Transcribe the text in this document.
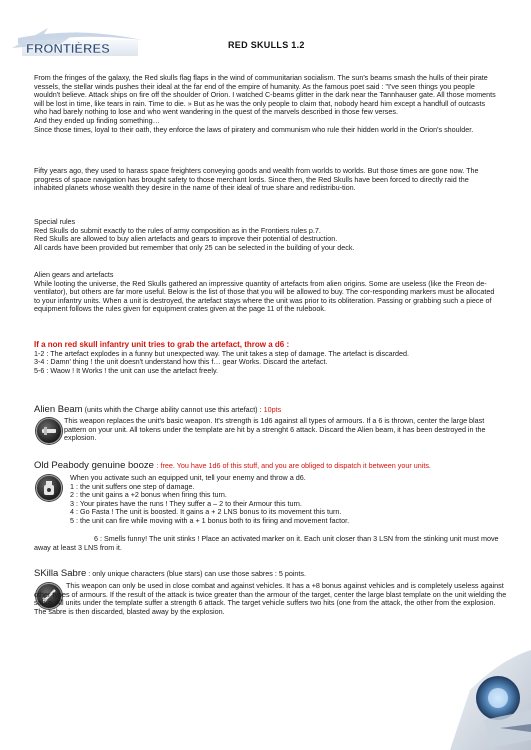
FRONTIÈRES	RED SKULLS 1.2

From the fringes of the galaxy, the Red skulls flag flaps in the wind of communitarian socialism. The sun's beams smash the hulls of their pirate vessels, the stellar winds pushes their ideal at the far end of the empire of humanity. As the famous poet said : "I've seen things you people wouldn't believe. Attack ships on fire off the shoulder of Orion. I watched C-beams glitter in the dark near the Tannhauser gate. All those moments will be lost in time, like tears in rain. Time to die. » But as he was the only people to claim that, nobody heard him except a handfull of outcasts who had barely nothing to lose and who went wandering in the quest of the marvels described in those few verses.

And they ended up finding something…

Since those times, loyal to their oath, they enforce the laws of piratery and communism who rule their hidden world in the Orion's shoulder.

Fifty years ago, they used to harass space freighters conveying goods and wealth from worlds to worlds. But those times are gone now. The progress of space navigation has brought safety to those merchant lords. Since then, the Red Skulls have been forced to directly raid the inhabited planets whose wealth they desire in the name of their ideal of true share and redistribu-tion.

Special rules

Red Skulls do submit exactly to the rules of army composition as in the Frontiers rules p.7.

Red Skulls are allowed to buy alien artefacts and gears to improve their potential of destruction.

All cards have been provided but remember that only 25 can be selected in the building of your deck.

Alien gears and artefacts

While looting the universe, the Red Skulls gathered an impressive quantity of artefacts from alien origins. Some are useless (like the Freon de-ventilator), but others are far more useful. Below is the list of those that you will be allowed to buy. The cor-responding markers must be allocated to your infantry units. When a unit is destroyed, the artefact stays where the unit was prior to its obliteration. Passing or grabbing such a piece of equipment follows the rules given for equipment crates given at the page 11 of the rulebook.

If a non red skull infantry unit tries to grab the artefact, throw a d6 :

1-2 : The artefact explodes in a funny but unexpected way. The unit takes a step of damage. The artefact is discarded.

3-4 : Damn' thing ! the unit doesn't understand how this f… gear Works. Discard the artefact.

5-6 : Waow ! It Works ! the unit can use the artefact freely.

Alien Beam (units whith the Charge ability cannot use this artefact) : 10pts

This weapon replaces the unit's basic weapon. It's strength is 1d6 against all types of armours. If a 6 is thrown, center the large blast pattern on your unit. All tokens under the template are hit by a strenght 6 attack. Discard the Alien beam, it has been destroyed in the explosion.

Old Peabody genuine booze : free. You have 1d6 of this stuff, and you are obliged to dispatch it between your units.

When you activate such an equipped unit, tell your enemy and throw a d6.

1 : the unit suffers one step of damage.

2 : the unit gains a +2 bonus when firing this turn.

3 : Your pirates have the runs ! They suffer a – 2 to their Armour this turn.

4 : Go Fasta ! The unit is boosted. It gains a + 2 LNS bonus to its movement this turn.

5 : the unit can fire while moving with a + 1 bonus both to its firing and movement factor.

6 : Smells funny! The unit stinks ! Place an activated marker on it. Each unit closer than 3 LSN from the stinking unit must move away at least 3 LNS from it.

SKilla Sabre : only unique characters (blue stars) can use those sabres : 5 points.

This weapon can only be used in close combat and against vehicles. It has a +8 bonus against vehicles and is completely useless against other types of armours. If the result of the attack is twice greater than the armour of the target, center the large blast template on the unit wielding the sabre. All units under the template suffer a strength 6 attack. The target vehicle suffers two hits (one from the attack, the other from the explosion. The sabre is then discarded, blasted away by the explosion.
